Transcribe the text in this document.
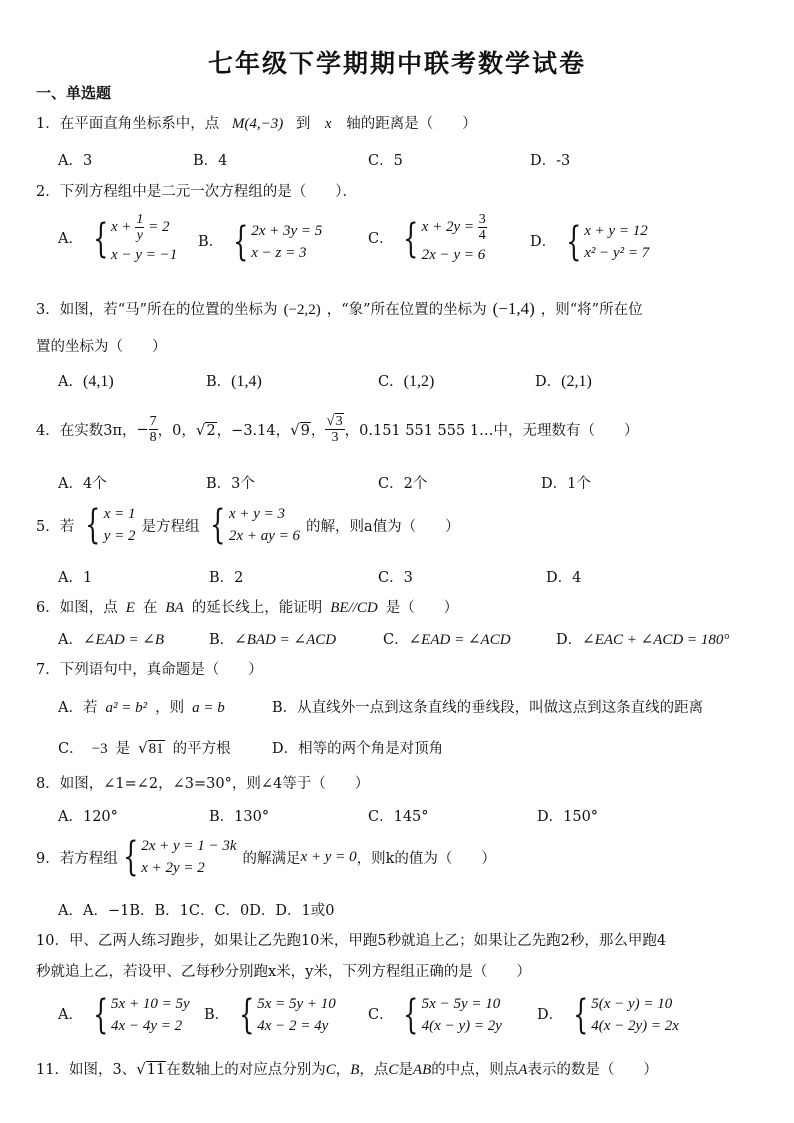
七年级下学期期中联考数学试卷
一、单选题
1．在平面直角坐标系中，点 M(4,−3) 到 x 轴的距离是（　　）
A．3	B．4	C．5	D．-3
2．下列方程组中是二元一次方程组的是（　　）．
A． { $x + \frac{1}{y} = 2$
x − y = −1
B． { 2x + 3y = 5
x − z = 3
C． { $x + 2y = \frac{3}{4}$
2x − y = 6
D． { x + y = 12
x² − y² = 7
3．如图，若“马”所在的位置的坐标为 (−2,2) ，“象”所在位置的坐标为 (−1,4) ，则“将”所在位
置的坐标为（　　）
A．(4,1)	B．(1,4)	C．(1,2)	D．(2,1)
4．在实数3π， − $\frac{7}{8}$ ，0， √2 ，−3.14， √9 ， $\frac{√3}{3}$ ，0.151 551 555 1…中，无理数有（　　）
A．4个	B．3个	C．2个	D．1个
5．若 { x = 1
y = 2
是方程组 { x + y = 3
2x + ay = 6
的解，则a值为（　　）
A．1	B．2	C．3	D．4
6．如图，点 E 在 BA 的延长线上，能证明 BE//CD 是（　　）
A．∠EAD = ∠B	B．∠BAD = ∠ACD	C．∠EAD = ∠ACD	D．∠EAC + ∠ACD = 180°
7．下列语句中，真命题是（　　）
A．若 a² = b² ，则 a = b	B．从直线外一点到这条直线的垂线段，叫做这点到这条直线的距离
C． −3 是 √81 的平方根	D．相等的两个角是对顶角
8．如图，∠1=∠2，∠3=30°，则∠4等于（　　）
A．120°	B．130°	C．145°	D．150°
9．若方程组 { 2x + y = 1 − 3k
x + 2y = 2
的解满足 x + y = 0 ，则k的值为（　　）
A．A．−1B．B．1C．C．0D．D．1或0
10．甲、乙两人练习跑步，如果让乙先跑10米，甲跑5秒就追上乙；如果让乙先跑2秒，那么甲跑4
秒就追上乙，若设甲、乙每秒分别跑x米，y米，下列方程组正确的是（　　）
A． { 5x + 10 = 5y
4x − 4y = 2
B． { 5x = 5y + 10
4x − 2 = 4y
C． { 5x − 5y = 10
4(x − y) = 2y
D． { 5(x − y) = 10
4(x − 2y) = 2x
11．如图，3、√11在数轴上的对应点分别为C，B，点C是AB的中点，则点A表示的数是（　　）
